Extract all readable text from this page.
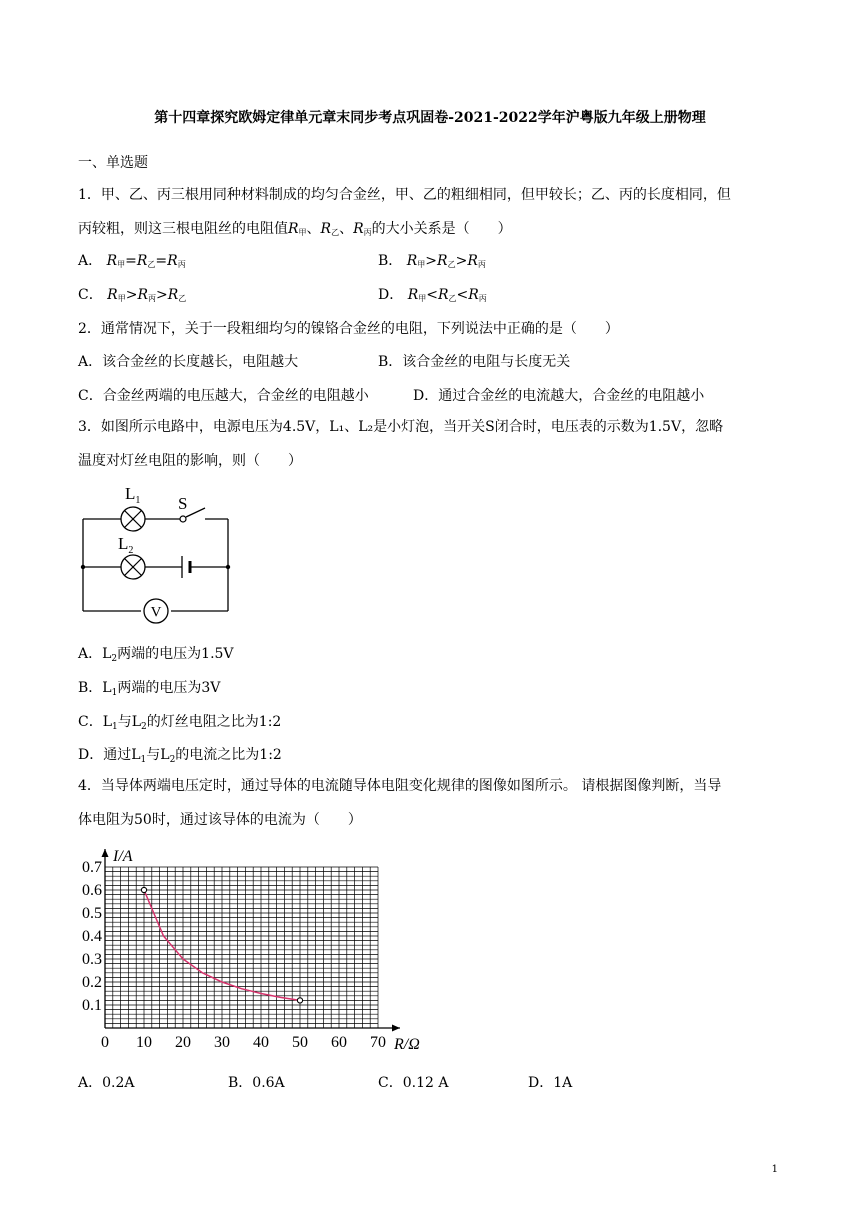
第十四章探究欧姆定律单元章末同步考点巩固卷-2021-2022学年沪粤版九年级上册物理
一、单选题
1．甲、乙、丙三根用同种材料制成的均匀合金丝，甲、乙的粗细相同，但甲较长；乙、丙的长度相同，但
丙较粗，则这三根电阻丝的电阻值$R_甲$、$R_乙$、$R_丙$的大小关系是（　　）
A． $R_甲=R_乙=R_丙$	B． $R_甲>R_乙>R_丙$
C． $R_甲>R_丙>R_乙$	D． $R_甲<R_乙<R_丙$
2．通常情况下，关于一段粗细均匀的镍铬合金丝的电阻，下列说法中正确的是（　　）
A．该合金丝的长度越长，电阻越大	B．该合金丝的电阻与长度无关
C．合金丝两端的电压越大，合金丝的电阻越小	D．通过合金丝的电流越大，合金丝的电阻越小
3．如图所示电路中，电源电压为4.5V，L₁、L₂是小灯泡，当开关S闭合时，电压表的示数为1.5V，忽略
温度对灯丝电阻的影响，则（　　）
V
$L_1$ S
$L_2$
A．$L_2$两端的电压为1.5V
B．$L_1$两端的电压为3V
C．$L_1$与$L_2$的灯丝电阻之比为1:2
D．通过$L_1$与$L_2$的电流之比为1:2
4．当导体两端电压定时，通过导体的电流随导体电阻变化规律的图像如图所示。 请根据图像判断，当导
体电阻为50时，通过该导体的电流为（　　）
0 10 20 30 40 50 60 70
0.1
0.2
0.3
0.4
0.5
0.6
0.7
I/A
R/Ω
A．0.2A	B．0.6A	C．0.12 A	D．1A
1
